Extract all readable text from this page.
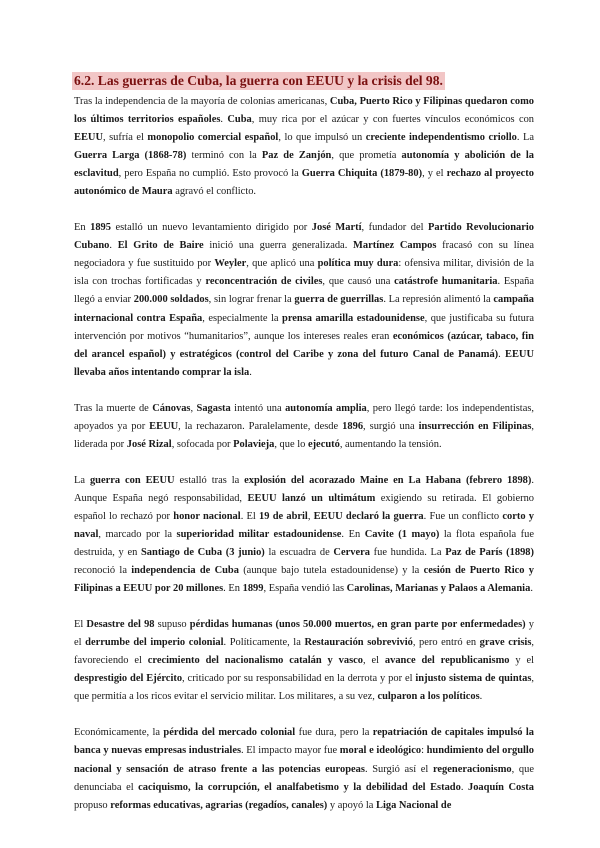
6.2. Las guerras de Cuba, la guerra con EEUU y la crisis del 98.

Tras la independencia de la mayoría de colonias americanas, Cuba, Puerto Rico y Filipinas quedaron como los últimos territorios españoles. Cuba, muy rica por el azúcar y con fuertes vínculos económicos con EEUU, sufría el monopolio comercial español, lo que impulsó un creciente independentismo criollo. La Guerra Larga (1868-78) terminó con la Paz de Zanjón, que prometía autonomía y abolición de la esclavitud, pero España no cumplió. Esto provocó la Guerra Chiquita (1879-80), y el rechazo al proyecto autonómico de Maura agravó el conflicto.

En 1895 estalló un nuevo levantamiento dirigido por José Martí, fundador del Partido Revolucionario Cubano. El Grito de Baire inició una guerra generalizada. Martínez Campos fracasó con su línea negociadora y fue sustituido por Weyler, que aplicó una política muy dura: ofensiva militar, división de la isla con trochas fortificadas y reconcentración de civiles, que causó una catástrofe humanitaria. España llegó a enviar 200.000 soldados, sin lograr frenar la guerra de guerrillas. La represión alimentó la campaña internacional contra España, especialmente la prensa amarilla estadounidense, que justificaba su futura intervención por motivos “humanitarios”, aunque los intereses reales eran económicos (azúcar, tabaco, fin del arancel español) y estratégicos (control del Caribe y zona del futuro Canal de Panamá). EEUU llevaba años intentando comprar la isla.

Tras la muerte de Cánovas, Sagasta intentó una autonomía amplia, pero llegó tarde: los independentistas, apoyados ya por EEUU, la rechazaron. Paralelamente, desde 1896, surgió una insurrección en Filipinas, liderada por José Rizal, sofocada por Polavieja, que lo ejecutó, aumentando la tensión.

La guerra con EEUU estalló tras la explosión del acorazado Maine en La Habana (febrero 1898). Aunque España negó responsabilidad, EEUU lanzó un ultimátum exigiendo su retirada. El gobierno español lo rechazó por honor nacional. El 19 de abril, EEUU declaró la guerra. Fue un conflicto corto y naval, marcado por la superioridad militar estadounidense. En Cavite (1 mayo) la flota española fue destruida, y en Santiago de Cuba (3 junio) la escuadra de Cervera fue hundida. La Paz de París (1898) reconoció la independencia de Cuba (aunque bajo tutela estadounidense) y la cesión de Puerto Rico y Filipinas a EEUU por 20 millones. En 1899, España vendió las Carolinas, Marianas y Palaos a Alemania.

El Desastre del 98 supuso pérdidas humanas (unos 50.000 muertos, en gran parte por enfermedades) y el derrumbe del imperio colonial. Políticamente, la Restauración sobrevivió, pero entró en grave crisis, favoreciendo el crecimiento del nacionalismo catalán y vasco, el avance del republicanismo y el desprestigio del Ejército, criticado por su responsabilidad en la derrota y por el injusto sistema de quintas, que permitía a los ricos evitar el servicio militar. Los militares, a su vez, culparon a los políticos.

Económicamente, la pérdida del mercado colonial fue dura, pero la repatriación de capitales impulsó la banca y nuevas empresas industriales. El impacto mayor fue moral e ideológico: hundimiento del orgullo nacional y sensación de atraso frente a las potencias europeas. Surgió así el regeneracionismo, que denunciaba el caciquismo, la corrupción, el analfabetismo y la debilidad del Estado. Joaquín Costa propuso reformas educativas, agrarias (regadíos, canales) y apoyó la Liga Nacional de
